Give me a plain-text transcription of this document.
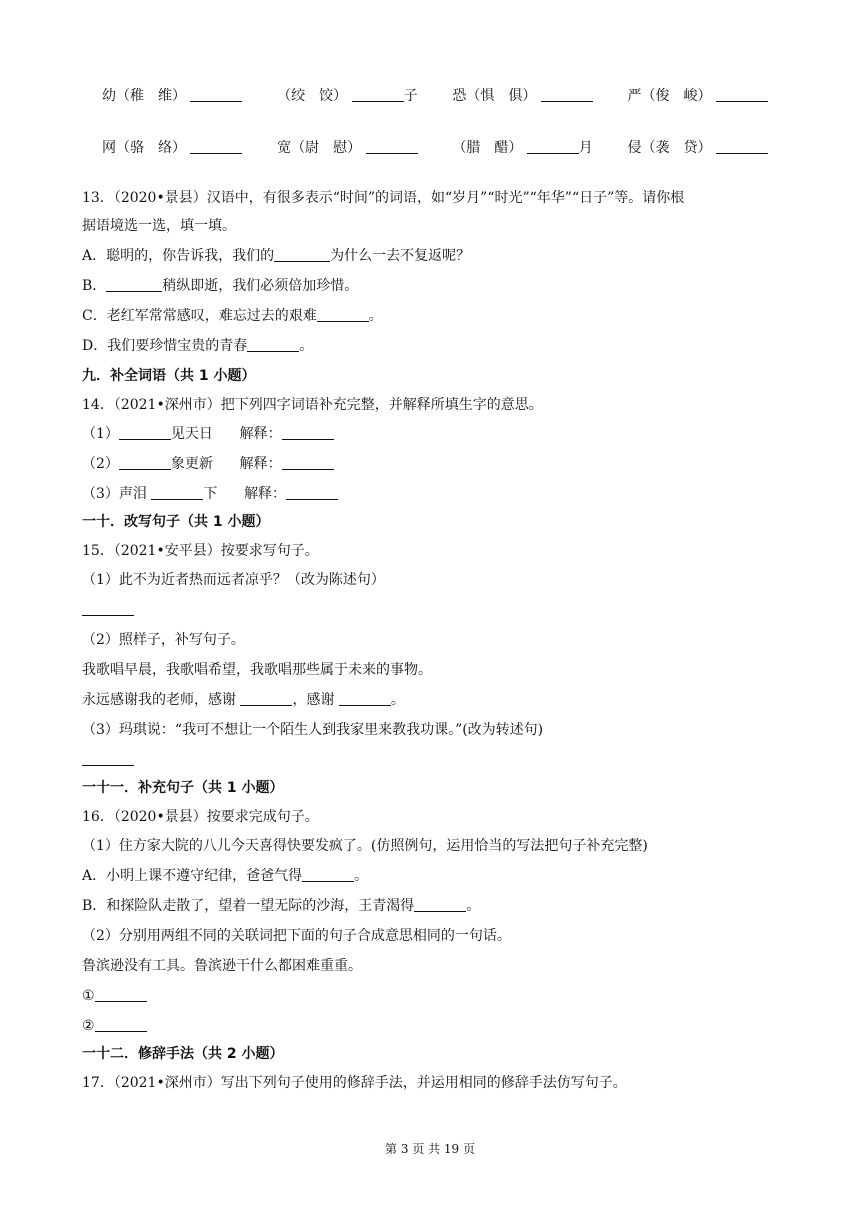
幼（稚　维）	（绞　饺）	子 恐（惧　俱）	严（俊　峻）
网（骆　络）	宽（尉　慰）	（腊　醋）	月 侵（袭　贷）
13．（2020•景县）汉语中，有很多表示“时间”的词语，如“岁月”“时光”“年华”“日子”等。请你根
据语境选一选，填一填。
A．聪明的，你告诉我，我们的	为什么一去不复返呢？
B．	稍纵即逝，我们必须倍加珍惜。
C．老红军常常感叹，难忘过去的艰难	。
D．我们要珍惜宝贵的青春	。
九．补全词语（共 1 小题）
14．（2021•深州市）把下列四字词语补充完整，并解释所填生字的意思。
（1）	见天日 解释：
（2）	象更新 解释：
（3）声泪	下 解释：
一十．改写句子（共 1 小题）
15．（2021•安平县）按要求写句子。
（1）此不为近者热而远者凉乎？（改为陈述句）
（2）照样子，补写句子。
我歌唱早晨，我歌唱希望，我歌唱那些属于未来的事物。
永远感谢我的老师，感谢	，感谢	。
（3）玛琪说：“我可不想让一个陌生人到我家里来教我功课。”(改为转述句)
一十一．补充句子（共 1 小题）
16．（2020•景县）按要求完成句子。
（1）住方家大院的八儿今天喜得快要发疯了。(仿照例句，运用恰当的写法把句子补充完整)
A．小明上课不遵守纪律，爸爸气得	。
B．和探险队走散了，望着一望无际的沙海，王青渴得	。
（2）分别用两组不同的关联词把下面的句子合成意思相同的一句话。
鲁滨逊没有工具。鲁滨逊干什么都困难重重。
①
②
一十二．修辞手法（共 2 小题）
17．（2021•深州市）写出下列句子使用的修辞手法，并运用相同的修辞手法仿写句子。
第 3 页 共 19 页
